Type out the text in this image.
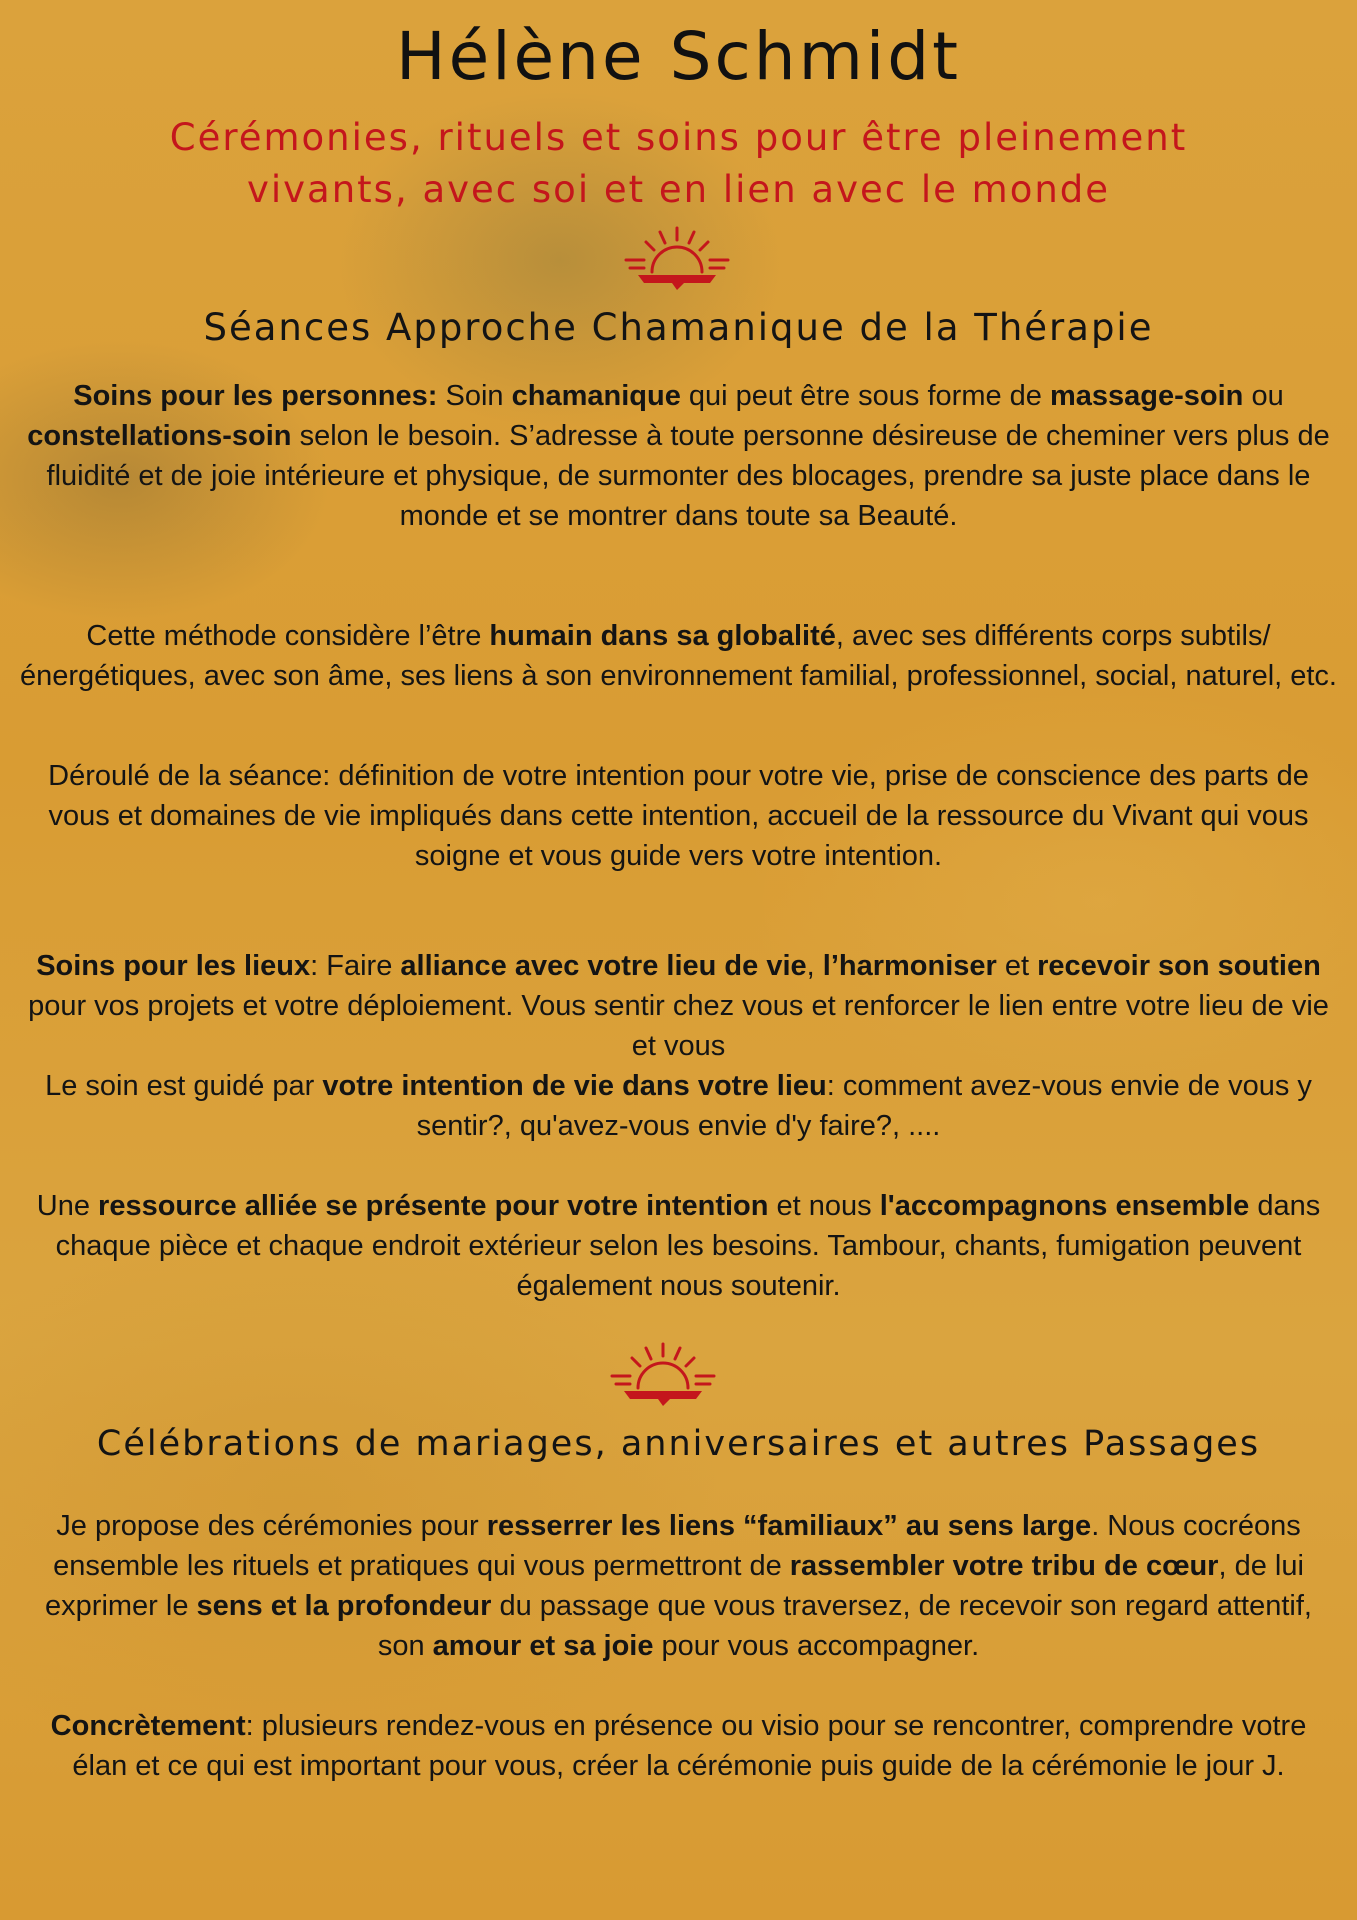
Hélène Schmidt
Cérémonies, rituels et soins pour être pleinement
vivants, avec soi et en lien avec le monde
Séances Approche Chamanique de la Thérapie

Soins pour les personnes: Soin chamanique qui peut être sous forme de massage-soin ou constellations-soin selon le besoin. S’adresse à toute personne désireuse de cheminer vers plus de fluidité et de joie intérieure et physique, de surmonter des blocages, prendre sa juste place dans le monde et se montrer dans toute sa Beauté.

Cette méthode considère l’être humain dans sa globalité, avec ses différents corps subtils/énergétiques, avec son âme, ses liens à son environnement familial, professionnel, social, naturel, etc.

Déroulé de la séance: définition de votre intention pour votre vie, prise de conscience des parts de vous et domaines de vie impliqués dans cette intention, accueil de la ressource du Vivant qui vous soigne et vous guide vers votre intention.

Soins pour les lieux: Faire alliance avec votre lieu de vie, l’harmoniser et recevoir son soutien pour vos projets et votre déploiement. Vous sentir chez vous et renforcer le lien entre votre lieu de vie et vous

Le soin est guidé par votre intention de vie dans votre lieu: comment avez-vous envie de vous y sentir?, qu'avez-vous envie d'y faire?, ....

Une ressource alliée se présente pour votre intention et nous l'accompagnons ensemble dans chaque pièce et chaque endroit extérieur selon les besoins. Tambour, chants, fumigation peuvent également nous soutenir.

Célébrations de mariages, anniversaires et autres Passages

Je propose des cérémonies pour resserrer les liens “familiaux” au sens large. Nous cocréons ensemble les rituels et pratiques qui vous permettront de rassembler votre tribu de cœur, de lui exprimer le sens et la profondeur du passage que vous traversez, de recevoir son regard attentif, son amour et sa joie pour vous accompagner.

Concrètement: plusieurs rendez-vous en présence ou visio pour se rencontrer, comprendre votre élan et ce qui est important pour vous, créer la cérémonie puis guide de la cérémonie le jour J.
